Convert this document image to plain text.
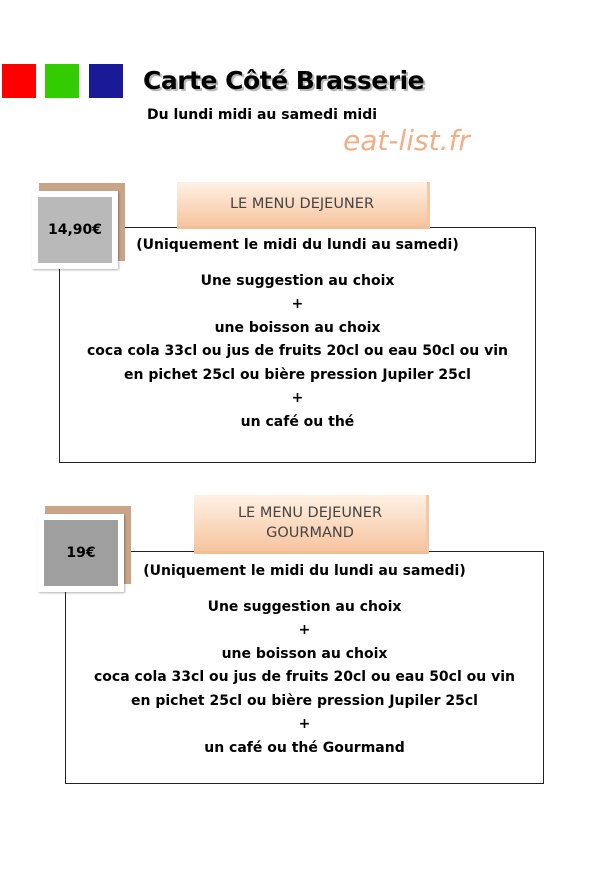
Carte Côté Brasserie

Du lundi midi au samedi midi

eat-list.fr

(Uniquement le midi du lundi au samedi)

Une suggestion au choix

+

une boisson au choix

coca cola 33cl ou jus de fruits 20cl ou eau 50cl ou vin

en pichet 25cl ou bière pression Jupiler 25cl

+

un café ou thé

LE MENU DEJEUNER
14,90€

(Uniquement le midi du lundi au samedi)

Une suggestion au choix

+

une boisson au choix

coca cola 33cl ou jus de fruits 20cl ou eau 50cl ou vin

en pichet 25cl ou bière pression Jupiler 25cl

+

un café ou thé Gourmand

LE MENU DEJEUNER GOURMAND
19€
